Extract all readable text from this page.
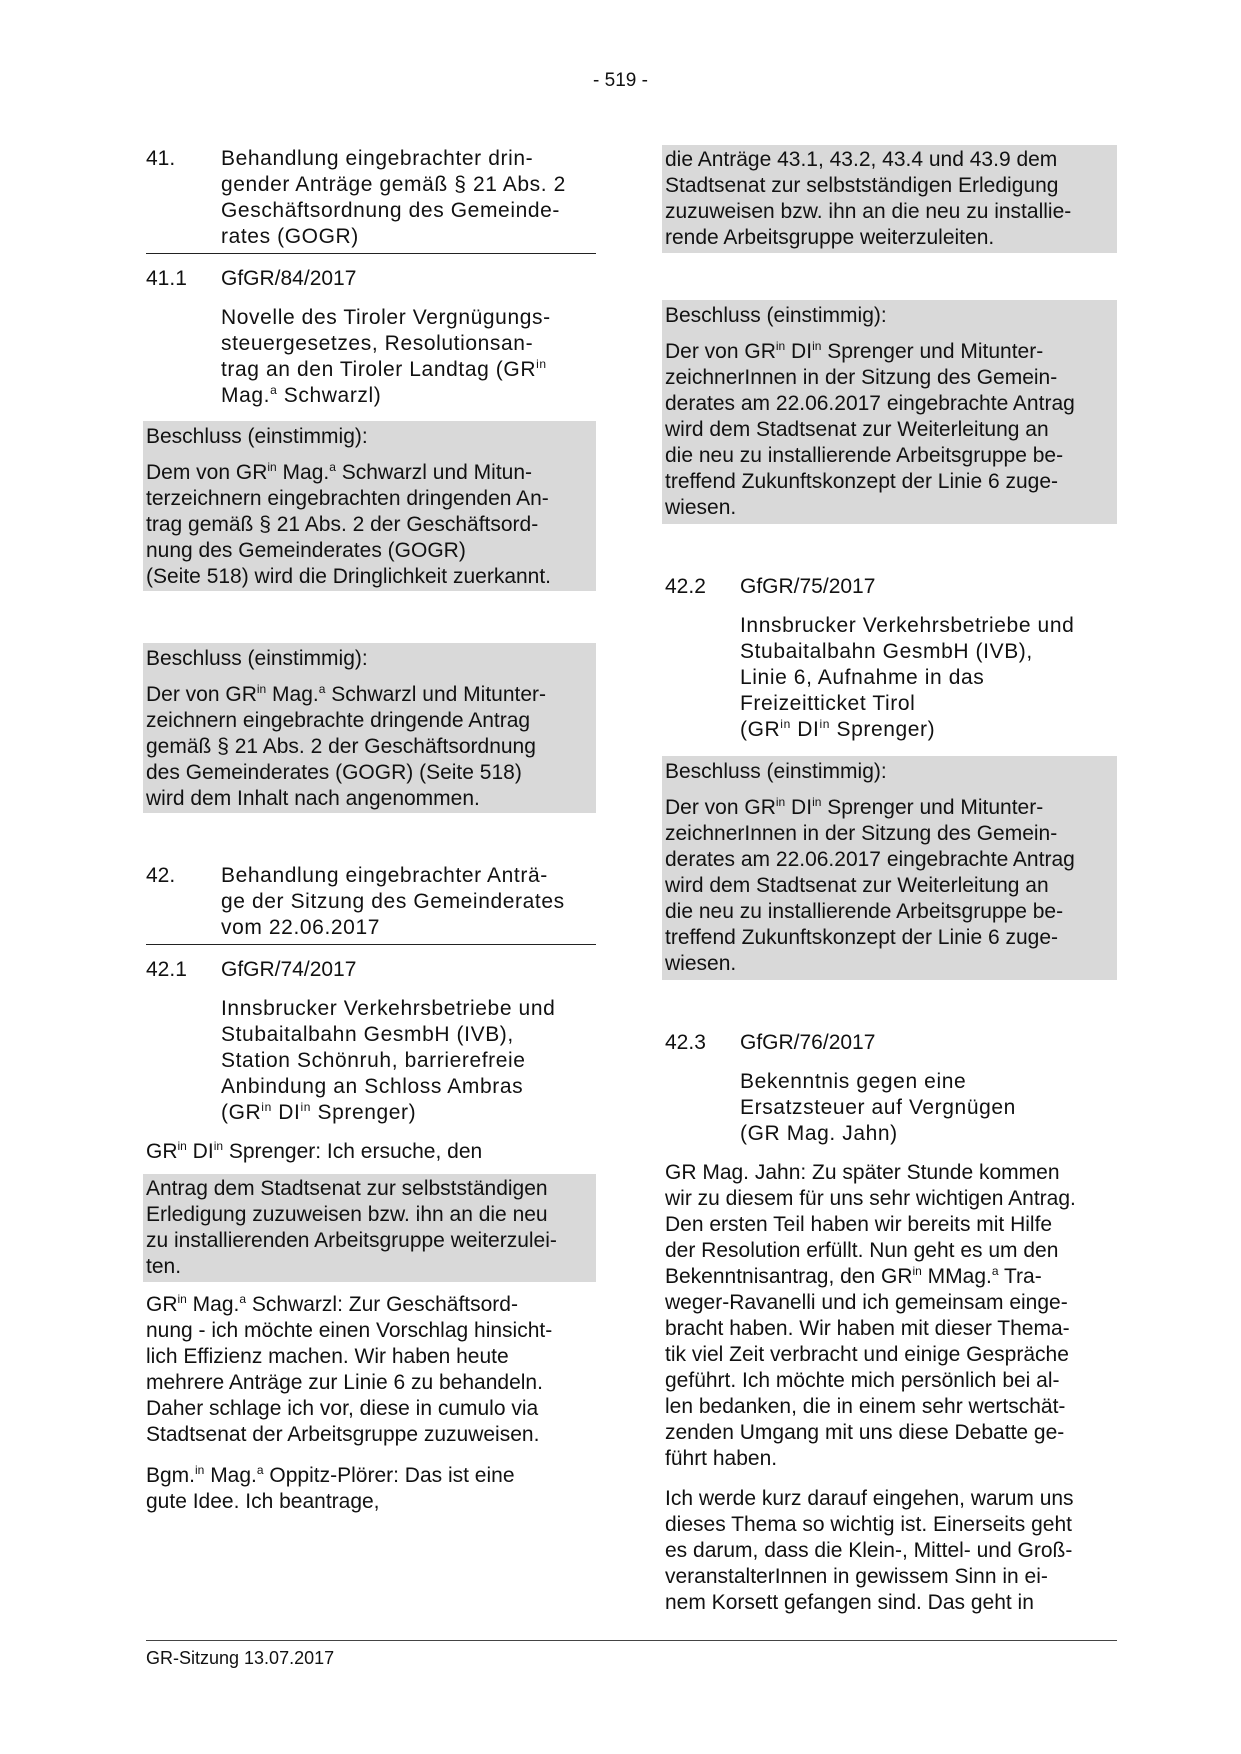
- 519 -
41.	Behandlung eingebrachter drin-
gender Anträge gemäß § 21 Abs. 2
Geschäftsordnung des Gemeinde-
rates (GOGR)
41.1	GfGR/84/2017
Novelle des Tiroler Vergnügungs-
steuergesetzes, Resolutionsan-
trag an den Tiroler Landtag ($GR^{in}$
Mag.$^a$ Schwarzl)
Beschluss (einstimmig):
Dem von $GR^{in}$ Mag.$^a$ Schwarzl und Mitun-
terzeichnern eingebrachten dringenden An-
trag gemäß § 21 Abs. 2 der Geschäftsord-
nung des Gemeinderates (GOGR)
(Seite 518) wird die Dringlichkeit zuerkannt.
Beschluss (einstimmig):
Der von $GR^{in}$ Mag.$^a$ Schwarzl und Mitunter-
zeichnern eingebrachte dringende Antrag
gemäß § 21 Abs. 2 der Geschäftsordnung
des Gemeinderates (GOGR) (Seite 518)
wird dem Inhalt nach angenommen.
42.	Behandlung eingebrachter Anträ-
ge der Sitzung des Gemeinderates
vom 22.06.2017
42.1	GfGR/74/2017
Innsbrucker Verkehrsbetriebe und
Stubaitalbahn GesmbH (IVB),
Station Schönruh, barrierefreie
Anbindung an Schloss Ambras
($GR^{in}$ $DI^{in}$ Sprenger)
$GR^{in}$ $DI^{in}$ Sprenger: Ich ersuche, den
Antrag dem Stadtsenat zur selbstständigen
Erledigung zuzuweisen bzw. ihn an die neu
zu installierenden Arbeitsgruppe weiterzulei-
ten.
$GR^{in}$ Mag.$^a$ Schwarzl: Zur Geschäftsord-
nung - ich möchte einen Vorschlag hinsicht-
lich Effizienz machen. Wir haben heute
mehrere Anträge zur Linie 6 zu behandeln.
Daher schlage ich vor, diese in cumulo via
Stadtsenat der Arbeitsgruppe zuzuweisen.
Bgm.$^{in}$ Mag.$^a$ Oppitz-Plörer: Das ist eine
gute Idee. Ich beantrage,
die Anträge 43.1, 43.2, 43.4 und 43.9 dem
Stadtsenat zur selbstständigen Erledigung
zuzuweisen bzw. ihn an die neu zu installie-
rende Arbeitsgruppe weiterzuleiten.
Beschluss (einstimmig):
Der von $GR^{in}$ $DI^{in}$ Sprenger und Mitunter-
zeichnerInnen in der Sitzung des Gemein-
derates am 22.06.2017 eingebrachte Antrag
wird dem Stadtsenat zur Weiterleitung an
die neu zu installierende Arbeitsgruppe be-
treffend Zukunftskonzept der Linie 6 zuge-
wiesen.
42.2	GfGR/75/2017
Innsbrucker Verkehrsbetriebe und
Stubaitalbahn GesmbH (IVB),
Linie 6, Aufnahme in das
Freizeitticket Tirol
($GR^{in}$ $DI^{in}$ Sprenger)
Beschluss (einstimmig):
Der von $GR^{in}$ $DI^{in}$ Sprenger und Mitunter-
zeichnerInnen in der Sitzung des Gemein-
derates am 22.06.2017 eingebrachte Antrag
wird dem Stadtsenat zur Weiterleitung an
die neu zu installierende Arbeitsgruppe be-
treffend Zukunftskonzept der Linie 6 zuge-
wiesen.
42.3	GfGR/76/2017
Bekenntnis gegen eine
Ersatzsteuer auf Vergnügen
(GR Mag. Jahn)
GR Mag. Jahn: Zu später Stunde kommen
wir zu diesem für uns sehr wichtigen Antrag.
Den ersten Teil haben wir bereits mit Hilfe
der Resolution erfüllt. Nun geht es um den
Bekenntnisantrag, den $GR^{in}$ MMag.$^a$ Tra-
weger-Ravanelli und ich gemeinsam einge-
bracht haben. Wir haben mit dieser Thema-
tik viel Zeit verbracht und einige Gespräche
geführt. Ich möchte mich persönlich bei al-
len bedanken, die in einem sehr wertschät-
zenden Umgang mit uns diese Debatte ge-
führt haben.
Ich werde kurz darauf eingehen, warum uns
dieses Thema so wichtig ist. Einerseits geht
es darum, dass die Klein-, Mittel- und Groß-
veranstalterInnen in gewissem Sinn in ei-
nem Korsett gefangen sind. Das geht in
GR-Sitzung 13.07.2017
